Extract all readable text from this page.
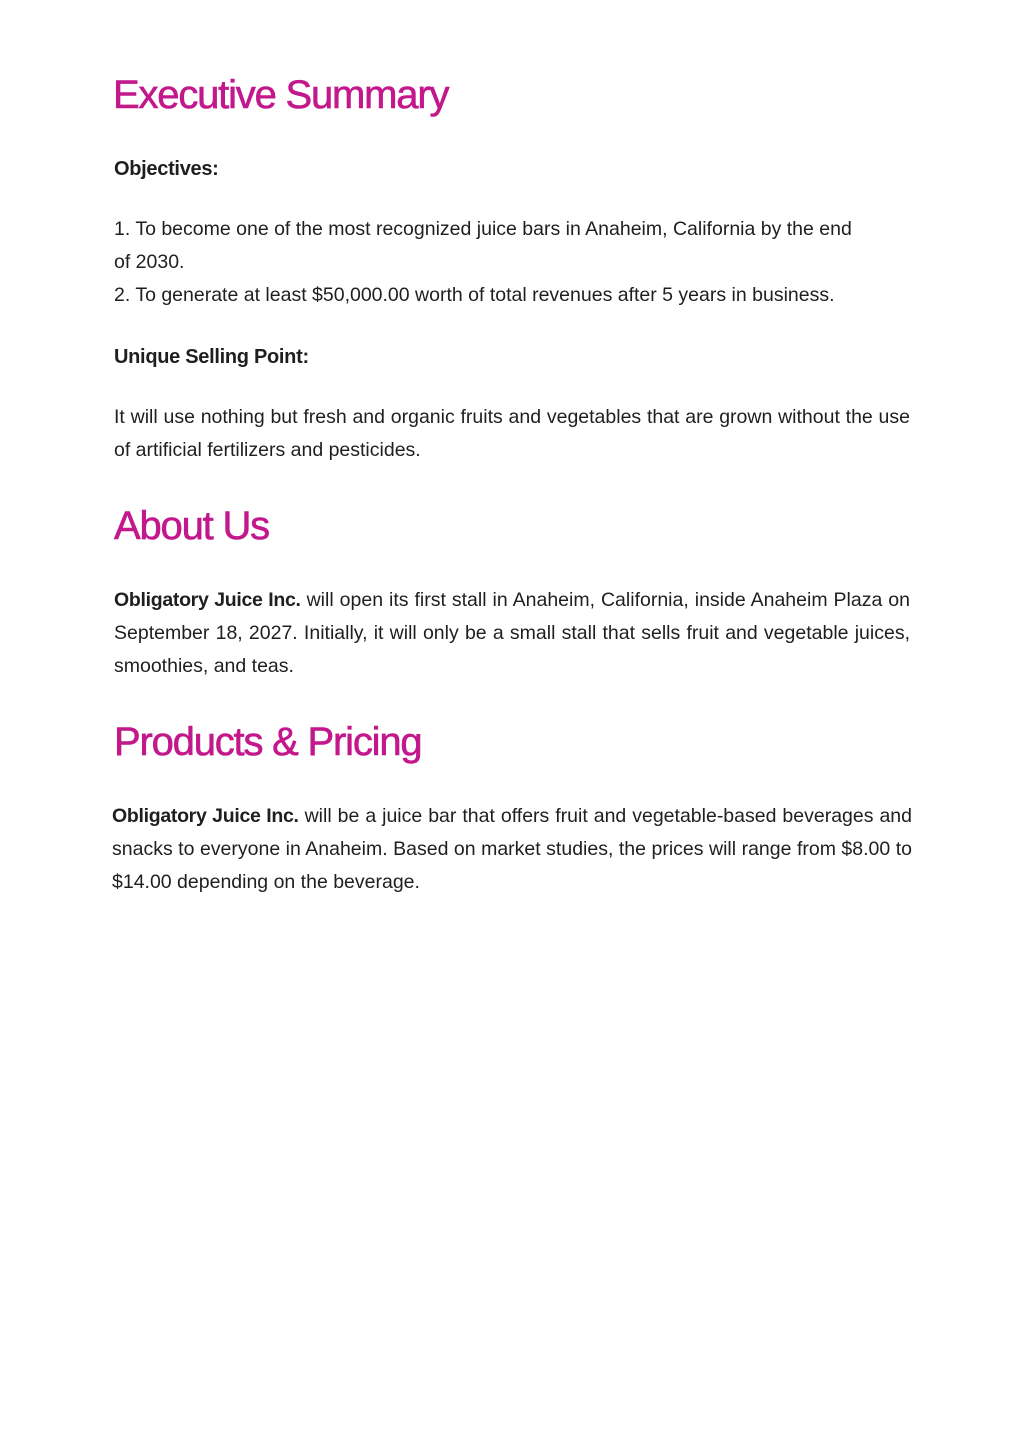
Executive Summary

Objectives:

1. To become one of the most recognized juice bars in Anaheim, California by the end

of 2030.

2. To generate at least $50,000.00 worth of total revenues after 5 years in business.

Unique Selling Point:

It will use nothing but fresh and organic fruits and vegetables that are grown without the use of artificial fertilizers and pesticides.

About Us

Obligatory Juice Inc. will open its first stall in Anaheim, California, inside Anaheim Plaza on September 18, 2027. Initially, it will only be a small stall that sells fruit and vegetable juices, smoothies, and teas.

Products & Pricing

Obligatory Juice Inc. will be a juice bar that offers fruit and vegetable-based beverages and snacks to everyone in Anaheim. Based on market studies, the prices will range from $8.00 to $14.00 depending on the beverage.
